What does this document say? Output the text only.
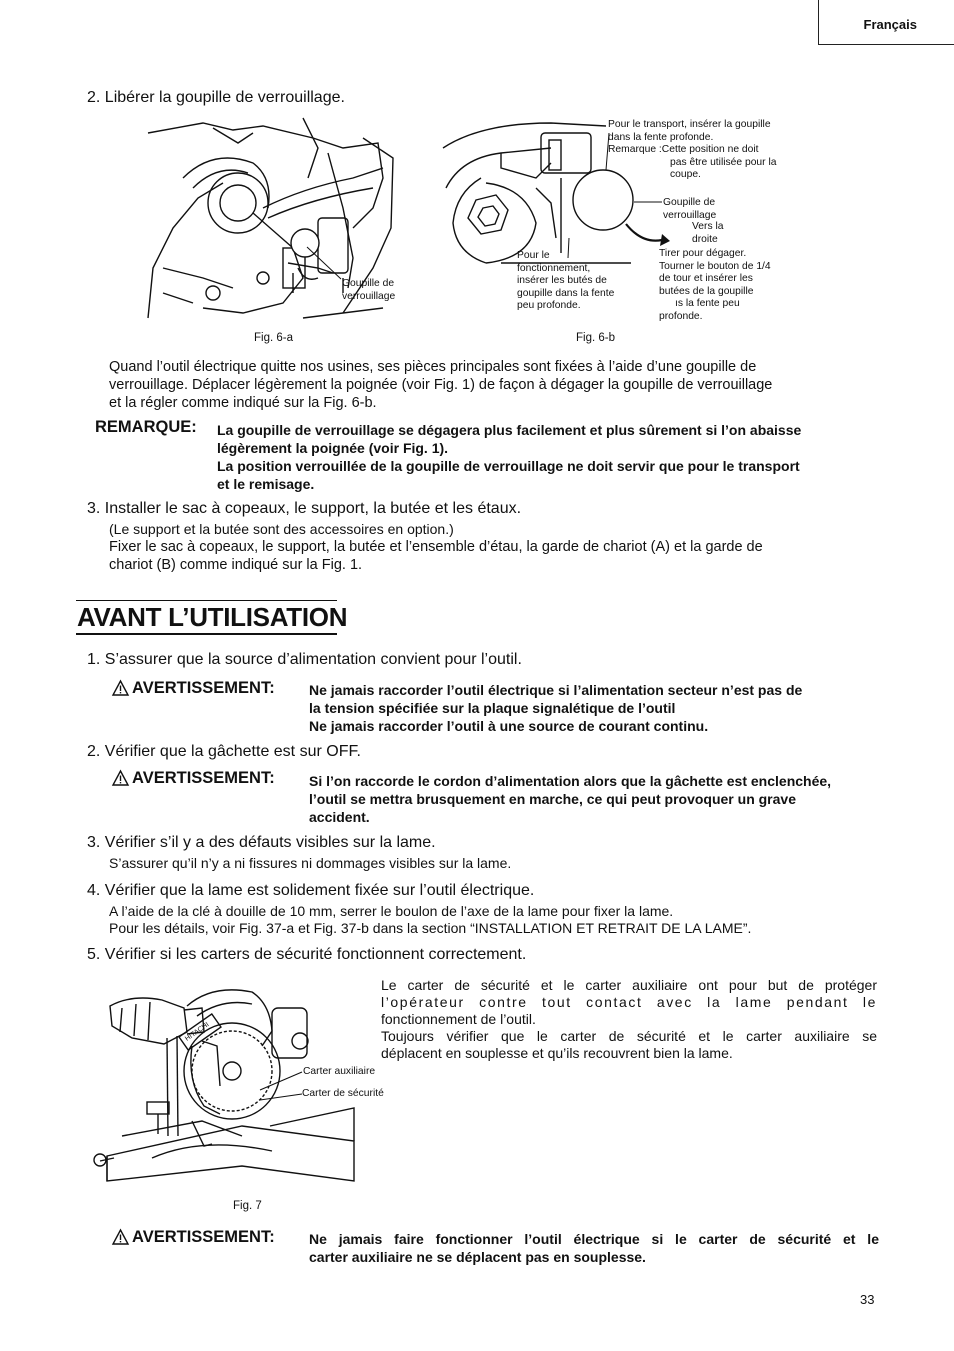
Français
2. Libérer la goupille de verrouillage.
Goupille de
verrouillage
Fig. 6-a
Pour le transport, insérer la goupille
dans la fente profonde.
Remarque :Cette position ne doit
pas être utilisée pour la
coupe.
Goupille de
verrouillage
Vers la
droite
Pour le
fonctionnement,
insérer les butés de
goupille dans la fente
peu profonde.
Tirer pour dégager.
Tourner le bouton de 1/4
de tour et insérer les
butées de la goupille
ıs la fente peu
profonde.
Fig. 6-b
Quand l’outil électrique quitte nos usines, ses pièces principales sont fixées à l’aide d’une goupille de
verrouillage. Déplacer légèrement la poignée (voir Fig. 1) de façon à dégager la goupille de verrouillage
et la régler comme indiqué sur la Fig. 6-b.
REMARQUE: La goupille de verrouillage se dégagera plus facilement et plus sûrement si l’on abaisse
légèrement la poignée (voir Fig. 1).
La position verrouillée de la goupille de verrouillage ne doit servir que pour le transport
et le remisage.
3. Installer le sac à copeaux, le support, la butée et les étaux.
(Le support et la butée sont des accessoires en option.)
Fixer le sac à copeaux, le support, la butée et l’ensemble d’étau, la garde de chariot (A) et la garde de
chariot (B) comme indiqué sur la Fig. 1.
AVANT L’UTILISATION
1. S’assurer que la source d’alimentation convient pour l’outil.
AVERTISSEMENT: Ne jamais raccorder l’outil électrique si l’alimentation secteur n’est pas de
la tension spécifiée sur la plaque signalétique de l’outil
Ne jamais raccorder l’outil à une source de courant continu.
2. Vérifier que la gâchette est sur OFF.
AVERTISSEMENT: Si l’on raccorde le cordon d’alimentation alors que la gâchette est enclenchée,
l’outil se mettra brusquement en marche, ce qui peut provoquer un grave
accident.
3. Vérifier s’il y a des défauts visibles sur la lame.
S’assurer qu’il n’y a ni fissures ni dommages visibles sur la lame.
4. Vérifier que la lame est solidement fixée sur l’outil électrique.
A l’aide de la clé à douille de 10 mm, serrer le boulon de l’axe de la lame pour fixer la lame.
Pour les détails, voir Fig. 37-a et Fig. 37-b dans la section “INSTALLATION ET RETRAIT DE LA LAME”.
5. Vérifier si les carters de sécurité fonctionnent correctement.
Le carter de sécurité et le carter auxiliaire ont pour but de protéger
l’opérateur contre tout contact avec la lame pendant le
fonctionnement de l’outil.
Toujours vérifier que le carter de sécurité et le carter auxiliaire se
déplacent en souplesse et qu’ils recouvrent bien la lame.
HITACHI
Carter auxiliaire
Carter de sécurité
Fig. 7
AVERTISSEMENT: Ne jamais faire fonctionner l’outil électrique si le carter de sécurité et le
carter auxiliaire ne se déplacent pas en souplesse.
33
